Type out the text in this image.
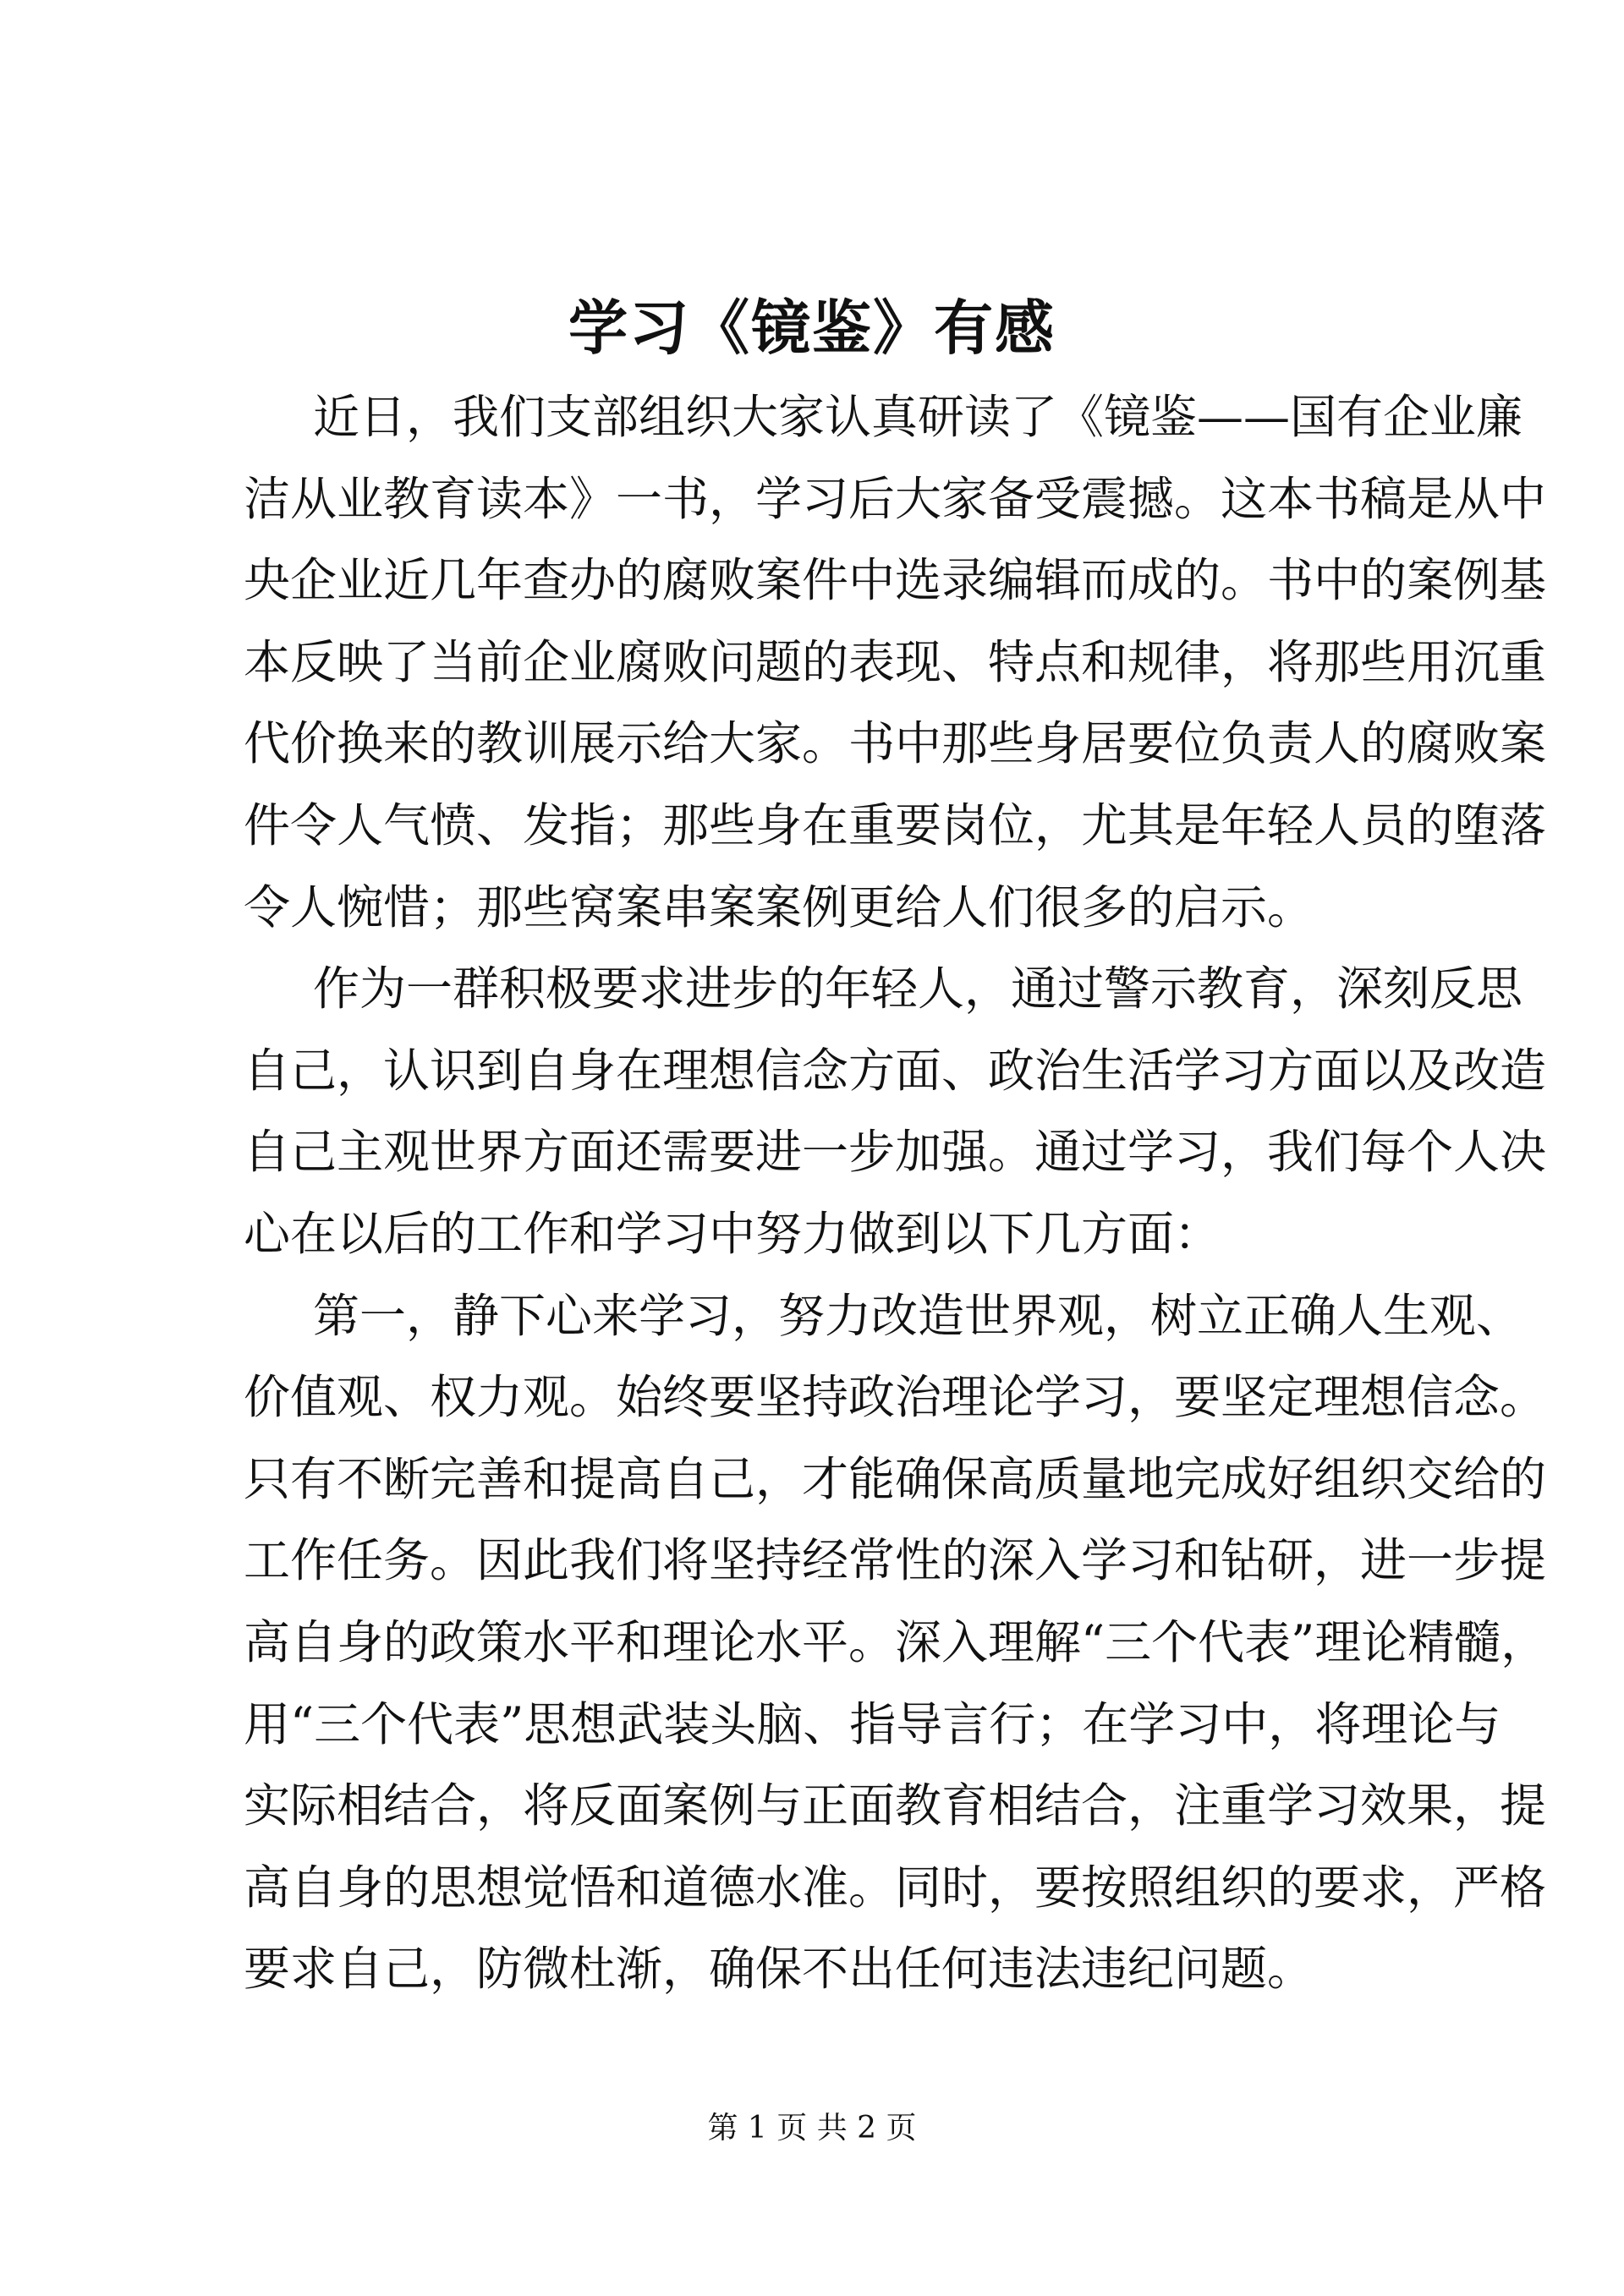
学习《镜鉴》有感
近日，我们支部组织大家认真研读了《镜鉴——国有企业廉
洁从业教育读本》一书，学习后大家备受震撼。这本书稿是从中
央企业近几年查办的腐败案件中选录编辑而成的。书中的案例基
本反映了当前企业腐败问题的表现、特点和规律，将那些用沉重
代价换来的教训展示给大家。书中那些身居要位负责人的腐败案
件令人气愤、发指；那些身在重要岗位，尤其是年轻人员的堕落
令人惋惜；那些窝案串案案例更给人们很多的启示。
作为一群积极要求进步的年轻人，通过警示教育，深刻反思
自己，认识到自身在理想信念方面、政治生活学习方面以及改造
自己主观世界方面还需要进一步加强。通过学习，我们每个人决
心在以后的工作和学习中努力做到以下几方面：
第一，静下心来学习，努力改造世界观，树立正确人生观、
价值观、权力观。始终要坚持政治理论学习，要坚定理想信念。
只有不断完善和提高自己，才能确保高质量地完成好组织交给的
工作任务。因此我们将坚持经常性的深入学习和钻研，进一步提
高自身的政策水平和理论水平。深入理解“三个代表”理论精髓，
用“三个代表”思想武装头脑、指导言行；在学习中，将理论与
实际相结合，将反面案例与正面教育相结合，注重学习效果，提
高自身的思想觉悟和道德水准。同时，要按照组织的要求，严格
要求自己，防微杜渐，确保不出任何违法违纪问题。
第 1 页 共 2 页
